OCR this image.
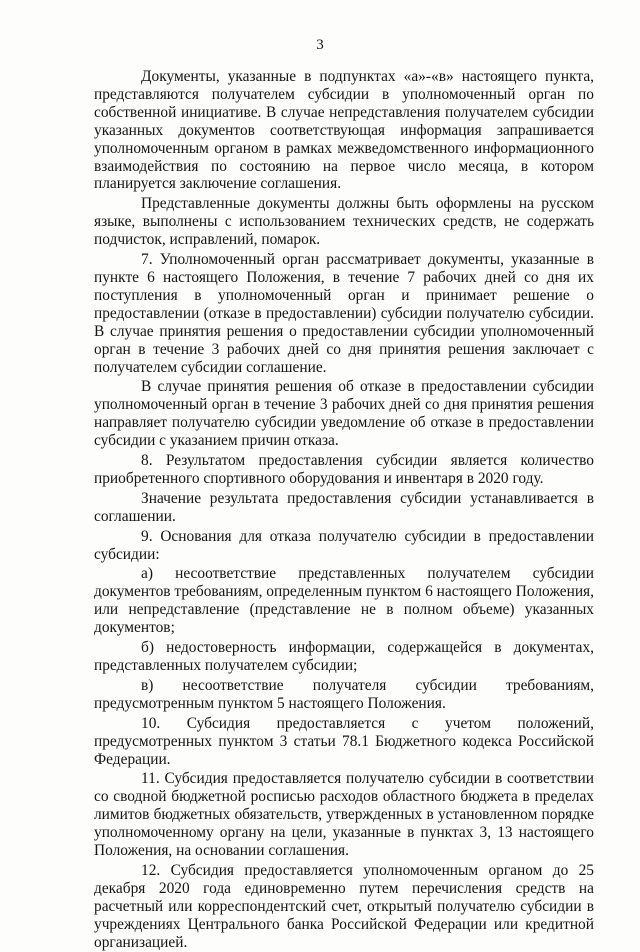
3

Документы, указанные в подпунктах «а»-«в» настоящего пункта, представляются получателем субсидии в уполномоченный орган по собственной инициативе. В случае непредставления получателем субсидии указанных документов соответствующая информация запрашивается уполномоченным органом в рамках межведомственного информационного взаимодействия по состоянию на первое число месяца, в котором планируется заключение соглашения.

Представленные документы должны быть оформлены на русском языке, выполнены с использованием технических средств, не содержать подчисток, исправлений, помарок.

7. Уполномоченный орган рассматривает документы, указанные в пункте 6 настоящего Положения, в течение 7 рабочих дней со дня их поступления в уполномоченный орган и принимает решение о предоставлении (отказе в предоставлении) субсидии получателю субсидии. В случае принятия решения о предоставлении субсидии уполномоченный орган в течение 3 рабочих дней со дня принятия решения заключает с получателем субсидии соглашение.

В случае принятия решения об отказе в предоставлении субсидии уполномоченный орган в течение 3 рабочих дней со дня принятия решения направляет получателю субсидии уведомление об отказе в предоставлении субсидии с указанием причин отказа.

8. Результатом предоставления субсидии является количество приобретенного спортивного оборудования и инвентаря в 2020 году.

Значение результата предоставления субсидии устанавливается в соглашении.

9. Основания для отказа получателю субсидии в предоставлении субсидии:

а) несоответствие представленных получателем субсидии документов требованиям, определенным пунктом 6 настоящего Положения, или непредставление (представление не в полном объеме) указанных документов;

б) недостоверность информации, содержащейся в документах, представленных получателем субсидии;

в) несоответствие получателя субсидии требованиям, предусмотренным пунктом 5 настоящего Положения.

10. Субсидия предоставляется с учетом положений, предусмотренных пунктом 3 статьи 78.1 Бюджетного кодекса Российской Федерации.

11. Субсидия предоставляется получателю субсидии в соответствии со сводной бюджетной росписью расходов областного бюджета в пределах лимитов бюджетных обязательств, утвержденных в установленном порядке уполномоченному органу на цели, указанные в пунктах 3, 13 настоящего Положения, на основании соглашения.

12. Субсидия предоставляется уполномоченным органом до 25 декабря 2020 года единовременно путем перечисления средств на расчетный или корреспондентский счет, открытый получателю субсидии в учреждениях Центрального банка Российской Федерации или кредитной организацией.
